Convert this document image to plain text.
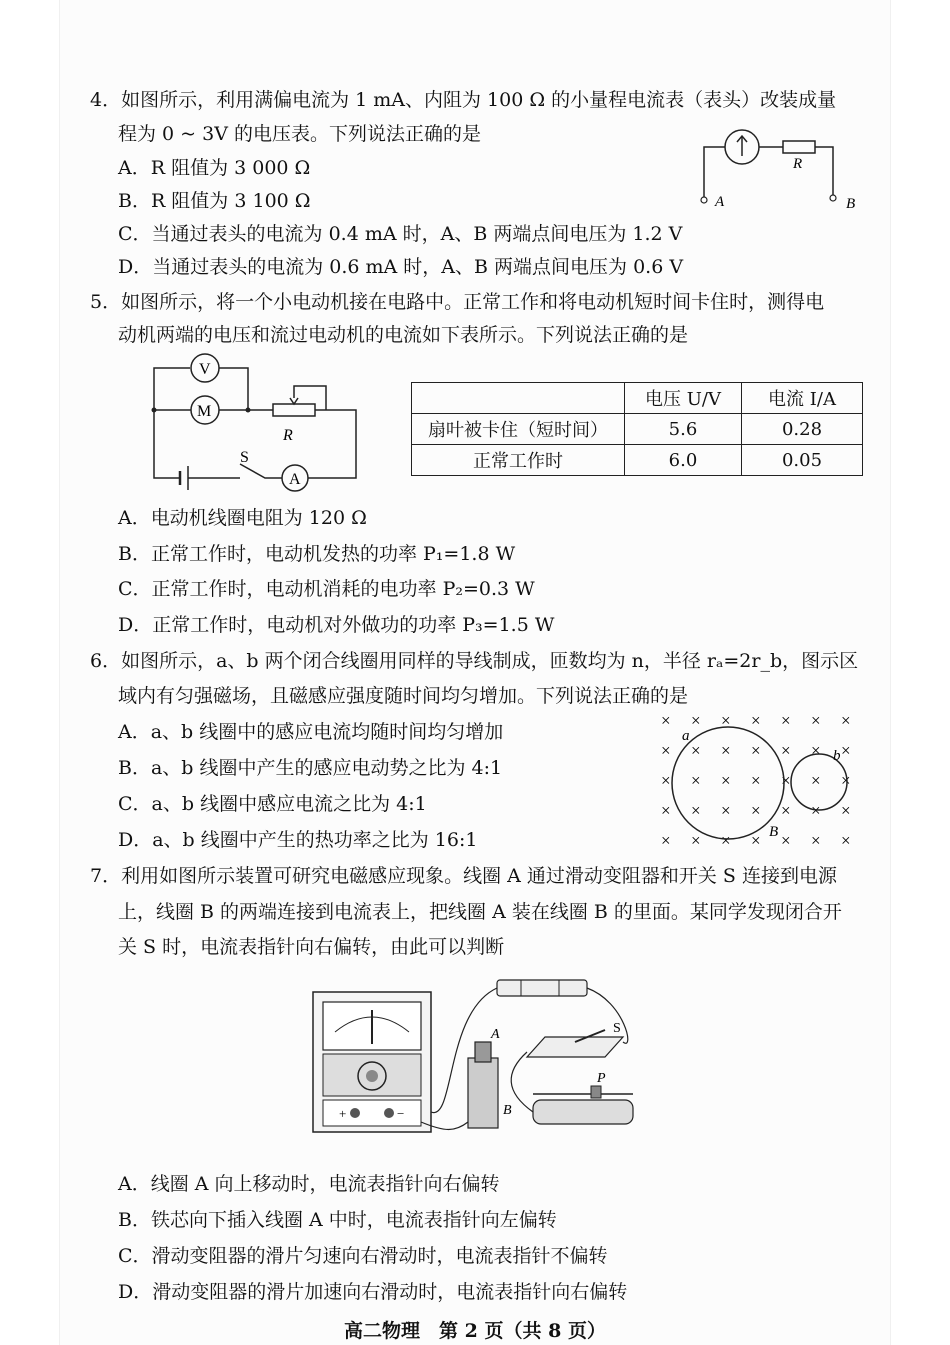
4．如图所示，利用满偏电流为 1 mA、内阻为 100 Ω 的小量程电流表（表头）改装成量
程为 0 ~ 3V 的电压表。下列说法正确的是
A．R 阻值为 3 000 Ω
B．R 阻值为 3 100 Ω
C．当通过表头的电流为 0.4 mA 时，A、B 两端点间电压为 1.2 V
D．当通过表头的电流为 0.6 mA 时，A、B 两端点间电压为 0.6 V
R
A	B
5．如图所示，将一个小电动机接在电路中。正常工作和将电动机短时间卡住时，测得电
动机两端的电压和流过电动机的电流如下表所示。下列说法正确的是
V
M
R
A
S
	电压 U/V	电流 I/A
扇叶被卡住（短时间）	5.6	0.28
正常工作时	6.0	0.05
A．电动机线圈电阻为 120 Ω
B．正常工作时，电动机发热的功率 P₁=1.8 W
C．正常工作时，电动机消耗的电功率 P₂=0.3 W
D．正常工作时，电动机对外做功的功率 P₃=1.5 W
6．如图所示，a、b 两个闭合线圈用同样的导线制成，匝数均为 n，半径 rₐ=2r_b，图示区
域内有匀强磁场，且磁感应强度随时间均匀增加。下列说法正确的是
A．a、b 线圈中的感应电流均随时间均匀增加
B．a、b 线圈中产生的感应电动势之比为 4:1
C．a、b 线圈中感应电流之比为 4:1
D．a、b 线圈中产生的热功率之比为 16:1
× × × × × × ×
× × × × × × ×
× × × × × × ×
× × × × × × ×
× × × × × × ×
a
b
B
7．利用如图所示装置可研究电磁感应现象。线圈 A 通过滑动变阻器和开关 S 连接到电源
上，线圈 B 的两端连接到电流表上，把线圈 A 装在线圈 B 的里面。某同学发现闭合开
关 S 时，电流表指针向右偏转，由此可以判断
+	−
S
A
B
P
A．线圈 A 向上移动时，电流表指针向右偏转
B．铁芯向下插入线圈 A 中时，电流表指针向左偏转
C．滑动变阻器的滑片匀速向右滑动时，电流表指针不偏转
D．滑动变阻器的滑片加速向右滑动时，电流表指针向右偏转
高二物理　第 2 页（共 8 页）
